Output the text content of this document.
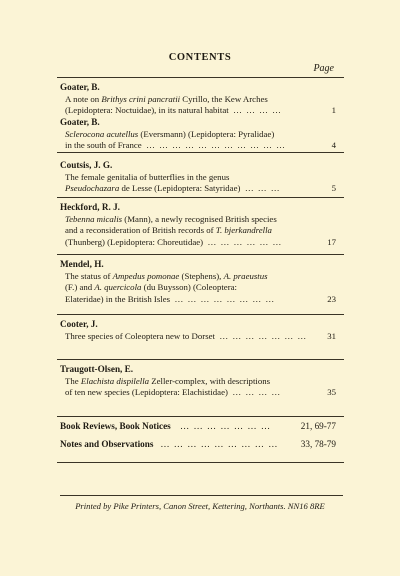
CONTENTS
Page
Goater, B.
A note on Brithys crini pancratii Cyrillo, the Kew Arches
(Lepidoptera: Noctuidae), in its natural habitat … … … …	1
Goater, B.
Sclerocona acutellus (Eversmann) (Lepidoptera: Pyralidae)
in the south of France … … … … … … … … … … …	4
Coutsis, J. G.
The female genitalia of butterflies in the genus
Pseudochazara de Lesse (Lepidoptera: Satyridae) … … …	5
Heckford, R. J.
Tebenna micalis (Mann), a newly recognised British species
and a reconsideration of British records of T. bjerkandrella
(Thunberg) (Lepidoptera: Choreutidae) … … … … … …	17
Mendel, H.
The status of Ampedus pomonae (Stephens), A. praeustus
(F.) and A. quercicola (du Buysson) (Coleoptera:
Elateridae) in the British Isles … … … … … … … …	23
Cooter, J.
Three species of Coleoptera new to Dorset … … … … … … … 31
Traugott-Olsen, E.
The Elachista dispilella Zeller-complex, with descriptions
of ten new species (Lepidoptera: Elachistidae) … … … …	35
Book Reviews, Book Notices … … … … … … …	21, 69-77
Notes and Observations … … … … … … … … … 33, 78-79
Printed by Pike Printers, Canon Street, Kettering, Northants. NN16 8RE
